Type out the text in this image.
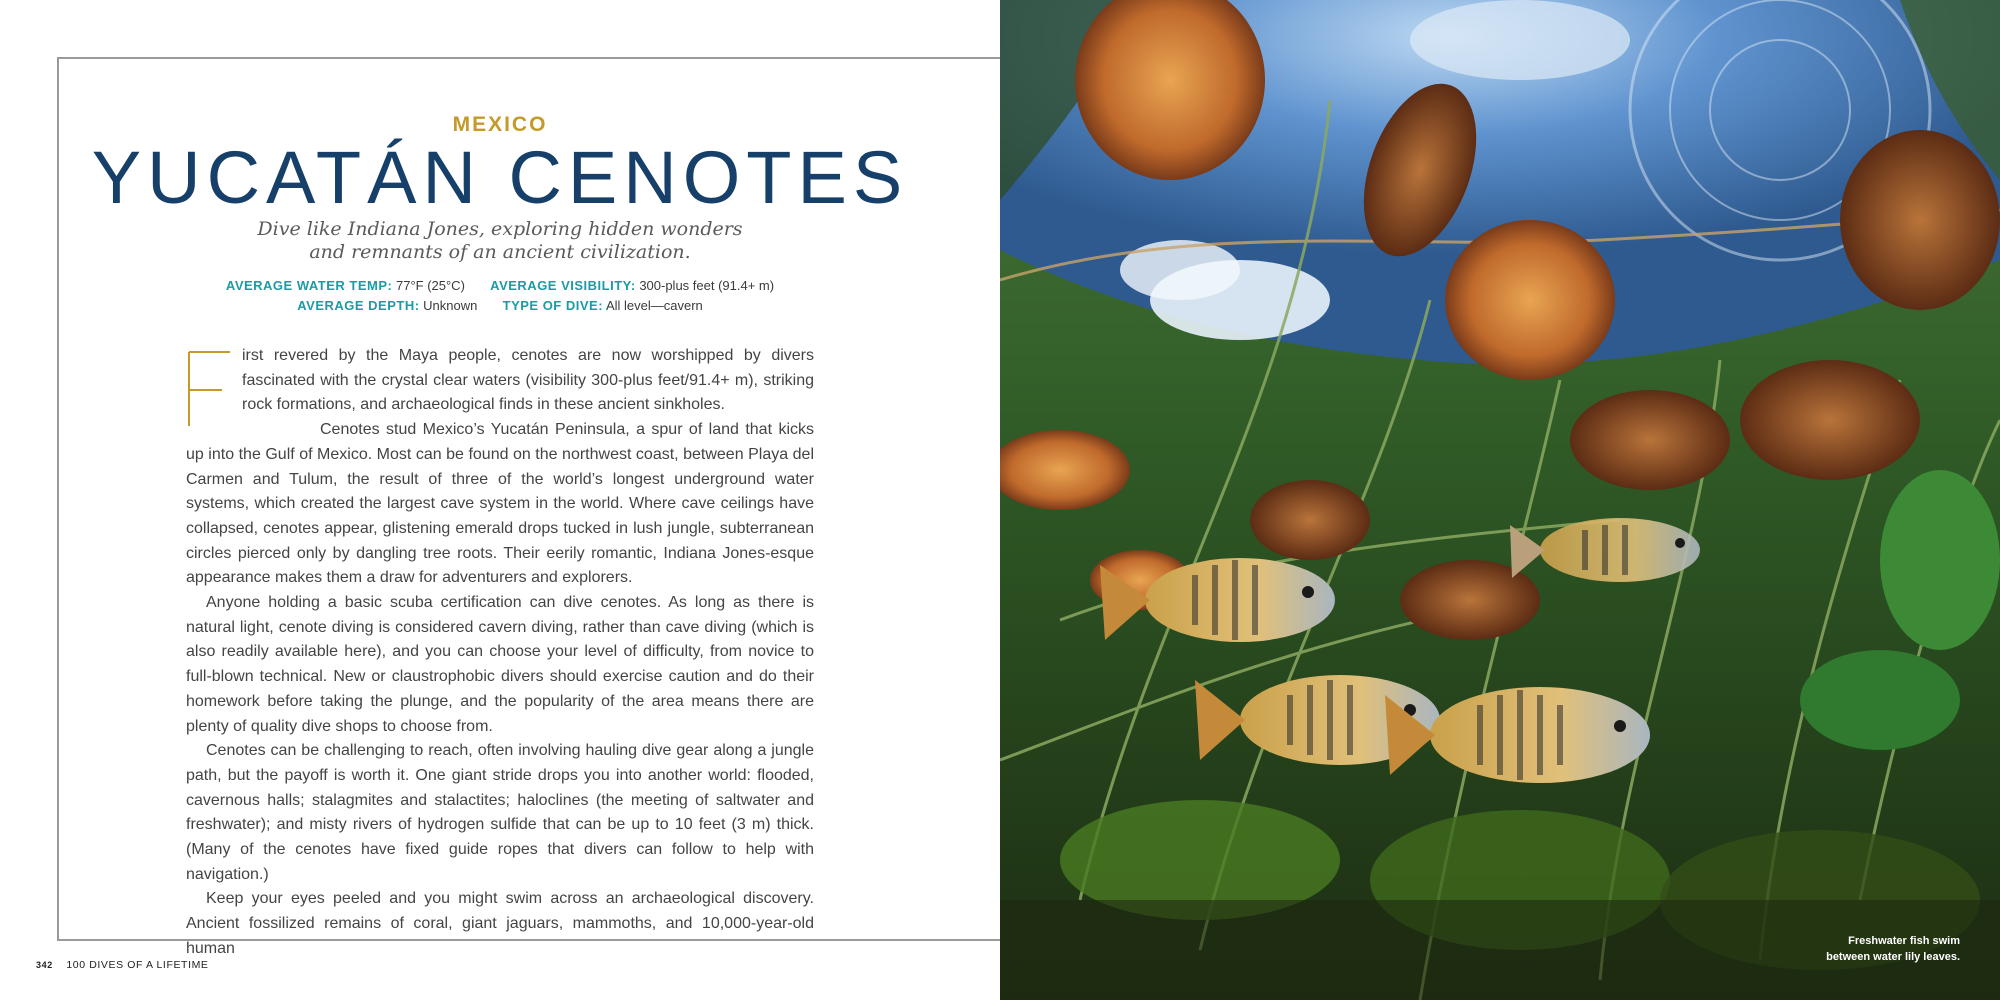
MEXICO
YUCATÁN CENOTES
Dive like Indiana Jones, exploring hidden wonders
and remnants of an ancient civilization.
AVERAGE WATER TEMP: 77°F (25°C) AVERAGE VISIBILITY: 300-plus feet (91.4+ m)
AVERAGE DEPTH: Unknown TYPE OF DIVE: All level—cavern

irst revered by the Maya people, cenotes are now worshipped by divers fascinated with the crystal clear waters (visibility 300-plus feet/91.4+ m), striking rock formations, and archaeological finds in these ancient sinkholes.

Cenotes stud Mexico’s Yucatán Peninsula, a spur of land that kicks up into the Gulf of Mexico. Most can be found on the northwest coast, between Playa del Carmen and Tulum, the result of three of the world’s longest underground water systems, which created the largest cave system in the world. Where cave ceilings have collapsed, cenotes appear, glistening emerald drops tucked in lush jungle, subterranean circles pierced only by dangling tree roots. Their eerily romantic, Indiana Jones-esque appearance makes them a draw for adventurers and explorers.

Anyone holding a basic scuba certification can dive cenotes. As long as there is natural light, cenote diving is considered cavern diving, rather than cave diving (which is also readily available here), and you can choose your level of difficulty, from novice to full-blown technical. New or claustrophobic divers should exercise caution and do their homework before taking the plunge, and the popularity of the area means there are plenty of quality dive shops to choose from.

Cenotes can be challenging to reach, often involving hauling dive gear along a jungle path, but the payoff is worth it. One giant stride drops you into another world: flooded, cavernous halls; stalagmites and stalactites; haloclines (the meeting of saltwater and freshwater); and misty rivers of hydrogen sulfide that can be up to 10 feet (3 m) thick. (Many of the cenotes have fixed guide ropes that divers can follow to help with navigation.)

Keep your eyes peeled and you might swim across an archaeological discovery. Ancient fossilized remains of coral, giant jaguars, mammoths, and 10,000-year-old human

342 100 DIVES OF A LIFETIME
Freshwater fish swim
between water lily leaves.
